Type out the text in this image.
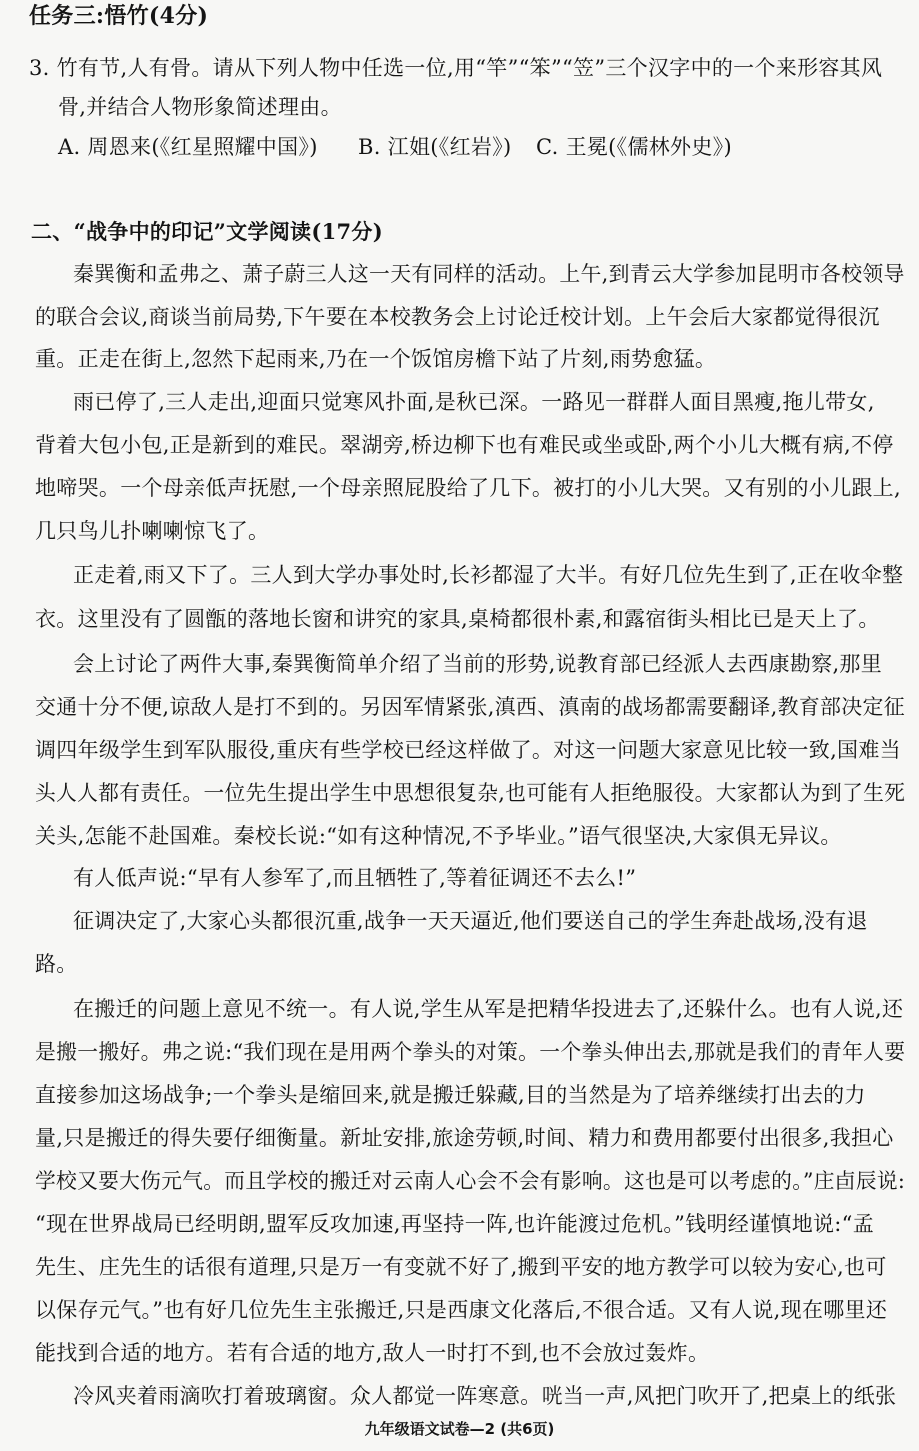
任务三:悟竹(4分)
3. 竹有节,人有骨。请从下列人物中任选一位,用“竿”“笨”“笠”三个汉字中的一个来形容其风
骨,并结合人物形象简述理由。
A. 周恩来(《红星照耀中国》) B. 江姐(《红岩》) C. 王冕(《儒林外史》)
二、“战争中的印记”文学阅读(17分)
秦巽衡和孟弗之、萧子蔚三人这一天有同样的活动。上午,到青云大学参加昆明市各校领导
的联合会议,商谈当前局势,下午要在本校教务会上讨论迁校计划。上午会后大家都觉得很沉
重。正走在街上,忽然下起雨来,乃在一个饭馆房檐下站了片刻,雨势愈猛。
雨已停了,三人走出,迎面只觉寒风扑面,是秋已深。一路见一群群人面目黑瘦,拖儿带女,
背着大包小包,正是新到的难民。翠湖旁,桥边柳下也有难民或坐或卧,两个小儿大概有病,不停
地啼哭。一个母亲低声抚慰,一个母亲照屁股给了几下。被打的小儿大哭。又有别的小儿跟上,
几只鸟儿扑喇喇惊飞了。
正走着,雨又下了。三人到大学办事处时,长衫都湿了大半。有好几位先生到了,正在收伞整
衣。这里没有了圆甑的落地长窗和讲究的家具,桌椅都很朴素,和露宿街头相比已是天上了。
会上讨论了两件大事,秦巽衡简单介绍了当前的形势,说教育部已经派人去西康勘察,那里
交通十分不便,谅敌人是打不到的。另因军情紧张,滇西、滇南的战场都需要翻译,教育部决定征
调四年级学生到军队服役,重庆有些学校已经这样做了。对这一问题大家意见比较一致,国难当
头人人都有责任。一位先生提出学生中思想很复杂,也可能有人拒绝服役。大家都认为到了生死
关头,怎能不赴国难。秦校长说:“如有这种情况,不予毕业。”语气很坚决,大家俱无异议。
有人低声说:“早有人参军了,而且牺牲了,等着征调还不去么!”
征调决定了,大家心头都很沉重,战争一天天逼近,他们要送自己的学生奔赴战场,没有退
路。
在搬迁的问题上意见不统一。有人说,学生从军是把精华投进去了,还躲什么。也有人说,还
是搬一搬好。弗之说:“我们现在是用两个拳头的对策。一个拳头伸出去,那就是我们的青年人要
直接参加这场战争;一个拳头是缩回来,就是搬迁躲藏,目的当然是为了培养继续打出去的力
量,只是搬迁的得失要仔细衡量。新址安排,旅途劳顿,时间、精力和费用都要付出很多,我担心
学校又要大伤元气。而且学校的搬迁对云南人心会不会有影响。这也是可以考虑的。”庄卣辰说:
“现在世界战局已经明朗,盟军反攻加速,再坚持一阵,也许能渡过危机。”钱明经谨慎地说:“孟
先生、庄先生的话很有道理,只是万一有变就不好了,搬到平安的地方教学可以较为安心,也可
以保存元气。”也有好几位先生主张搬迁,只是西康文化落后,不很合适。又有人说,现在哪里还
能找到合适的地方。若有合适的地方,敌人一时打不到,也不会放过轰炸。
冷风夹着雨滴吹打着玻璃窗。众人都觉一阵寒意。咣当一声,风把门吹开了,把桌上的纸张
九年级语文试卷—2 (共6页)
